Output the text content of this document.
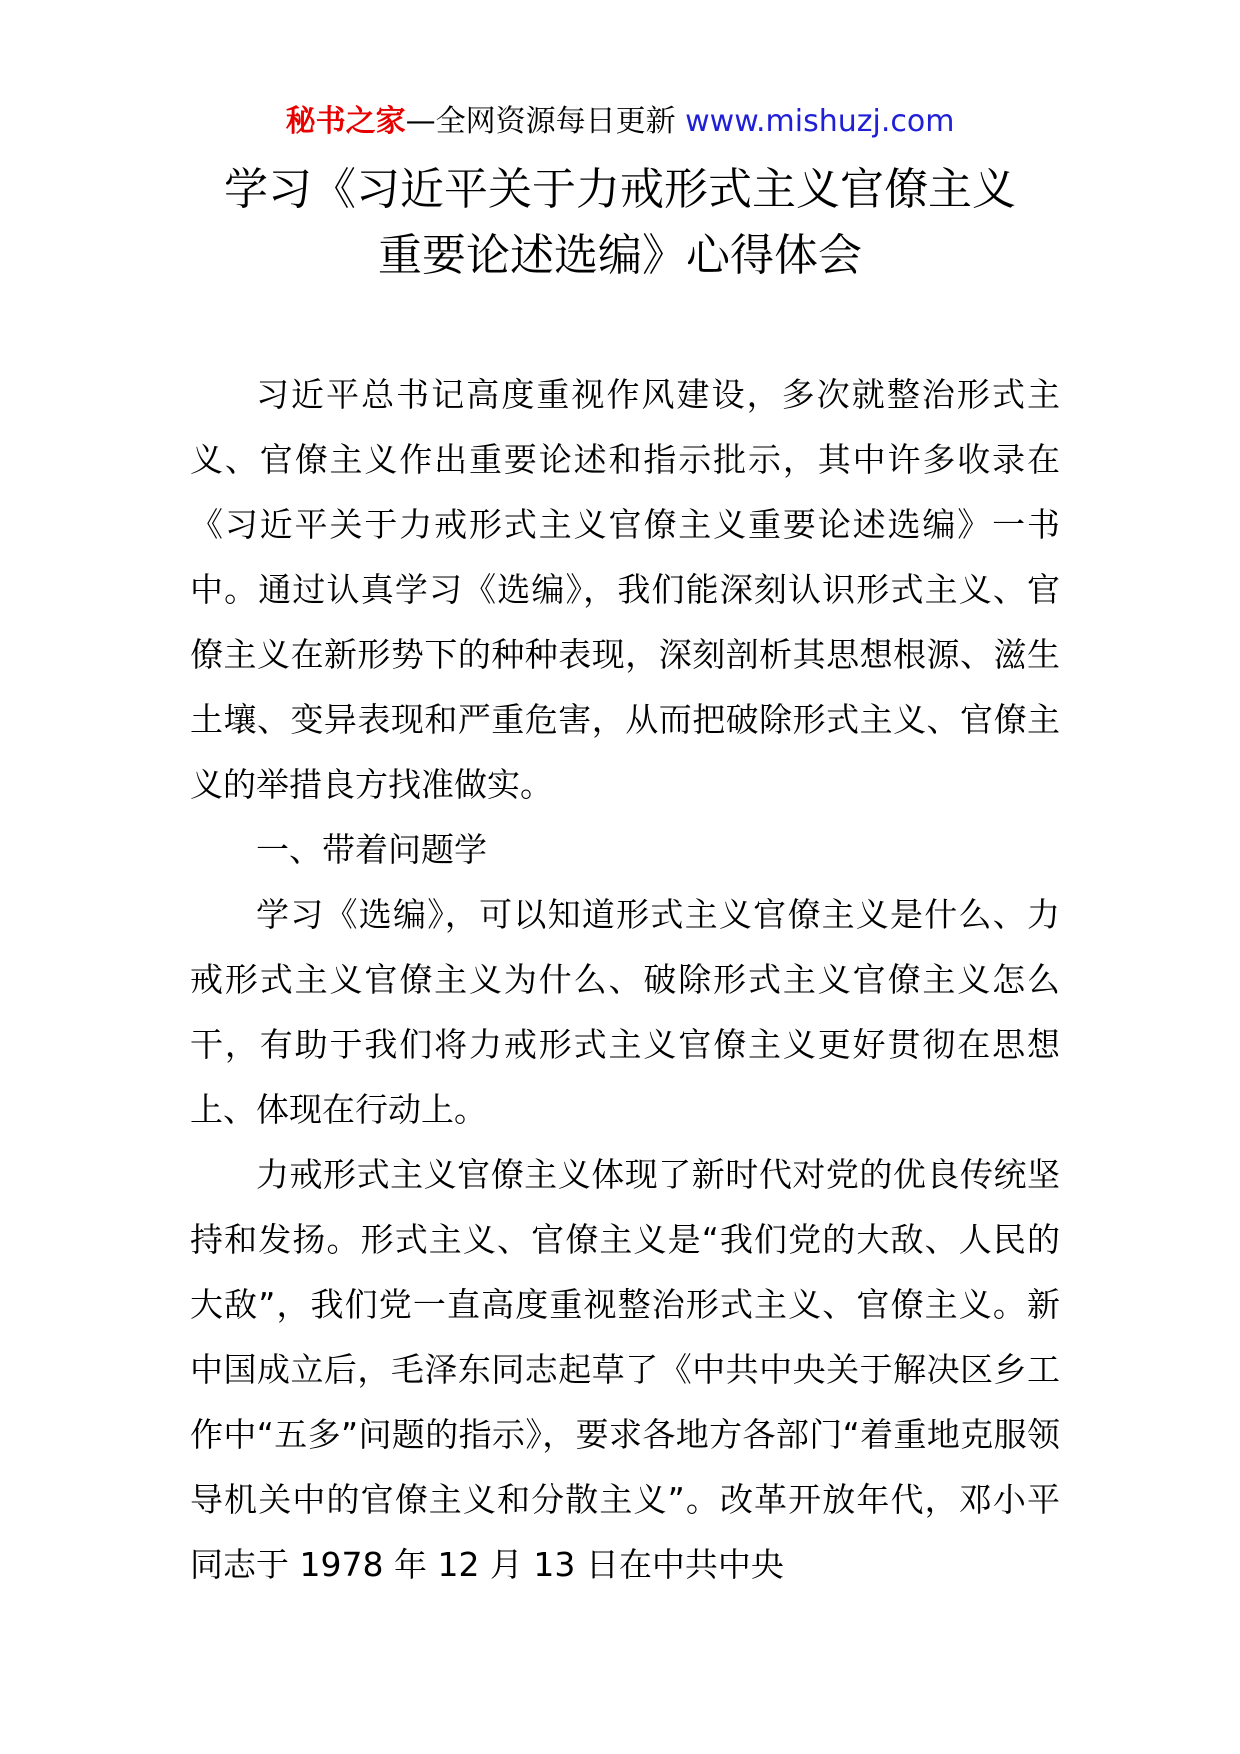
秘书之家—全网资源每日更新 www.mishuzj.com
学习《习近平关于力戒形式主义官僚主义
重要论述选编》心得体会

习近平总书记高度重视作风建设，多次就整治形式主义、官僚主义作出重要论述和指示批示，其中许多收录在《习近平关于力戒形式主义官僚主义重要论述选编》一书中。通过认真学习《选编》，我们能深刻认识形式主义、官僚主义在新形势下的种种表现，深刻剖析其思想根源、滋生土壤、变异表现和严重危害，从而把破除形式主义、官僚主义的举措良方找准做实。

一、带着问题学

学习《选编》，可以知道形式主义官僚主义是什么、力戒形式主义官僚主义为什么、破除形式主义官僚主义怎么干，有助于我们将力戒形式主义官僚主义更好贯彻在思想上、体现在行动上。

力戒形式主义官僚主义体现了新时代对党的优良传统坚持和发扬。形式主义、官僚主义是“我们党的大敌、人民的大敌”，我们党一直高度重视整治形式主义、官僚主义。新中国成立后，毛泽东同志起草了《中共中央关于解决区乡工作中“五多”问题的指示》，要求各地方各部门“着重地克服领导机关中的官僚主义和分散主义”。改革开放年代，邓小平同志于 1978 年 12 月 13 日在中共中央
